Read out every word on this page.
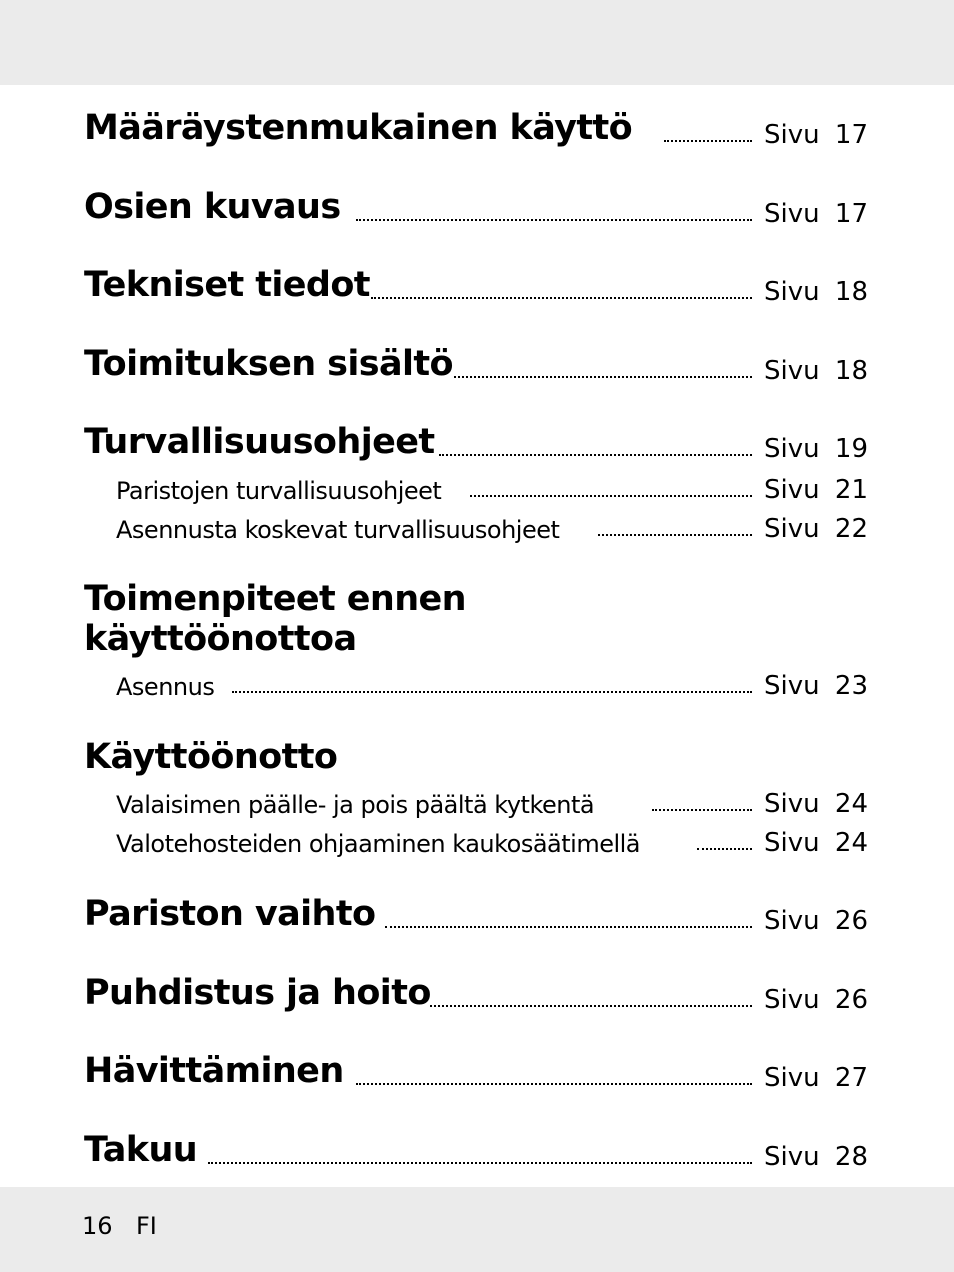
Määräystenmukainen käyttö	Sivu 17
Osien kuvaus	Sivu 17
Tekniset tiedot	Sivu 18
Toimituksen sisältö	Sivu 18
Turvallisuusohjeet	Sivu 19
Paristojen turvallisuusohjeet	Sivu 21
Asennusta koskevat turvallisuusohjeet	Sivu 22
Toimenpiteet ennen
käyttöönottoa
Asennus	Sivu 23
Käyttöönotto
Valaisimen päälle- ja pois päältä kytkentä	Sivu 24
Valotehosteiden ohjaaminen kaukosäätimellä	Sivu 24
Pariston vaihto	Sivu 26
Puhdistus ja hoito	Sivu 26
Hävittäminen	Sivu 27
Takuu	Sivu 28
16 FI
